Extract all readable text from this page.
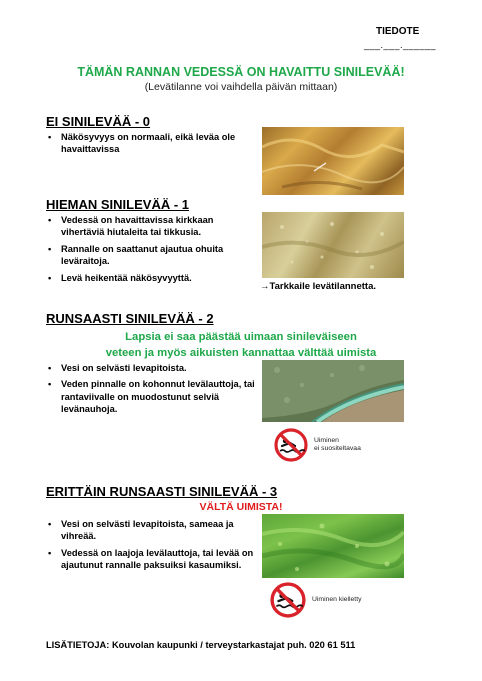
TIEDOTE
___.___.______
TÄMÄN RANNAN VEDESSÄ ON HAVAITTU SINILEVÄÄ!
(Levätilanne voi vaihdella päivän mittaan)
EI SINILEVÄÄ - 0
• Näkösyvyys on normaali, eikä leväa ole havaittavissa
HIEMAN SINILEVÄÄ - 1
• Vedessä on havaittavissa kirkkaan vihertäviä hiutaleita tai tikkusia.
• Rannalle on saattanut ajautua ohuita leväraitoja.
• Levä heikentää näkösyvyyttä.
→Tarkkaile levätilannetta.
RUNSAASTI SINILEVÄÄ - 2
Lapsia ei saa päästää uimaan sinileväiseen
veteen ja myös aikuisten kannattaa välttää uimista
• Vesi on selvästi levapitoista.
• Veden pinnalle on kohonnut levälauttoja, tai rantaviivalle on muodostunut selviä levänauhoja.
Uiminen
ei suositeltavaa
ERITTÄIN RUNSAASTI SINILEVÄÄ - 3
VÄLTÄ UIMISTA!
• Vesi on selvästi levapitoista, sameaa ja vihreää.
• Vedessä on laajoja levälauttoja, tai levää on ajautunut rannalle paksuiksi kasaumiksi.
Uiminen kielletty
LISÄTIETOJA: Kouvolan kaupunki / terveystarkastajat puh. 020 61 511
